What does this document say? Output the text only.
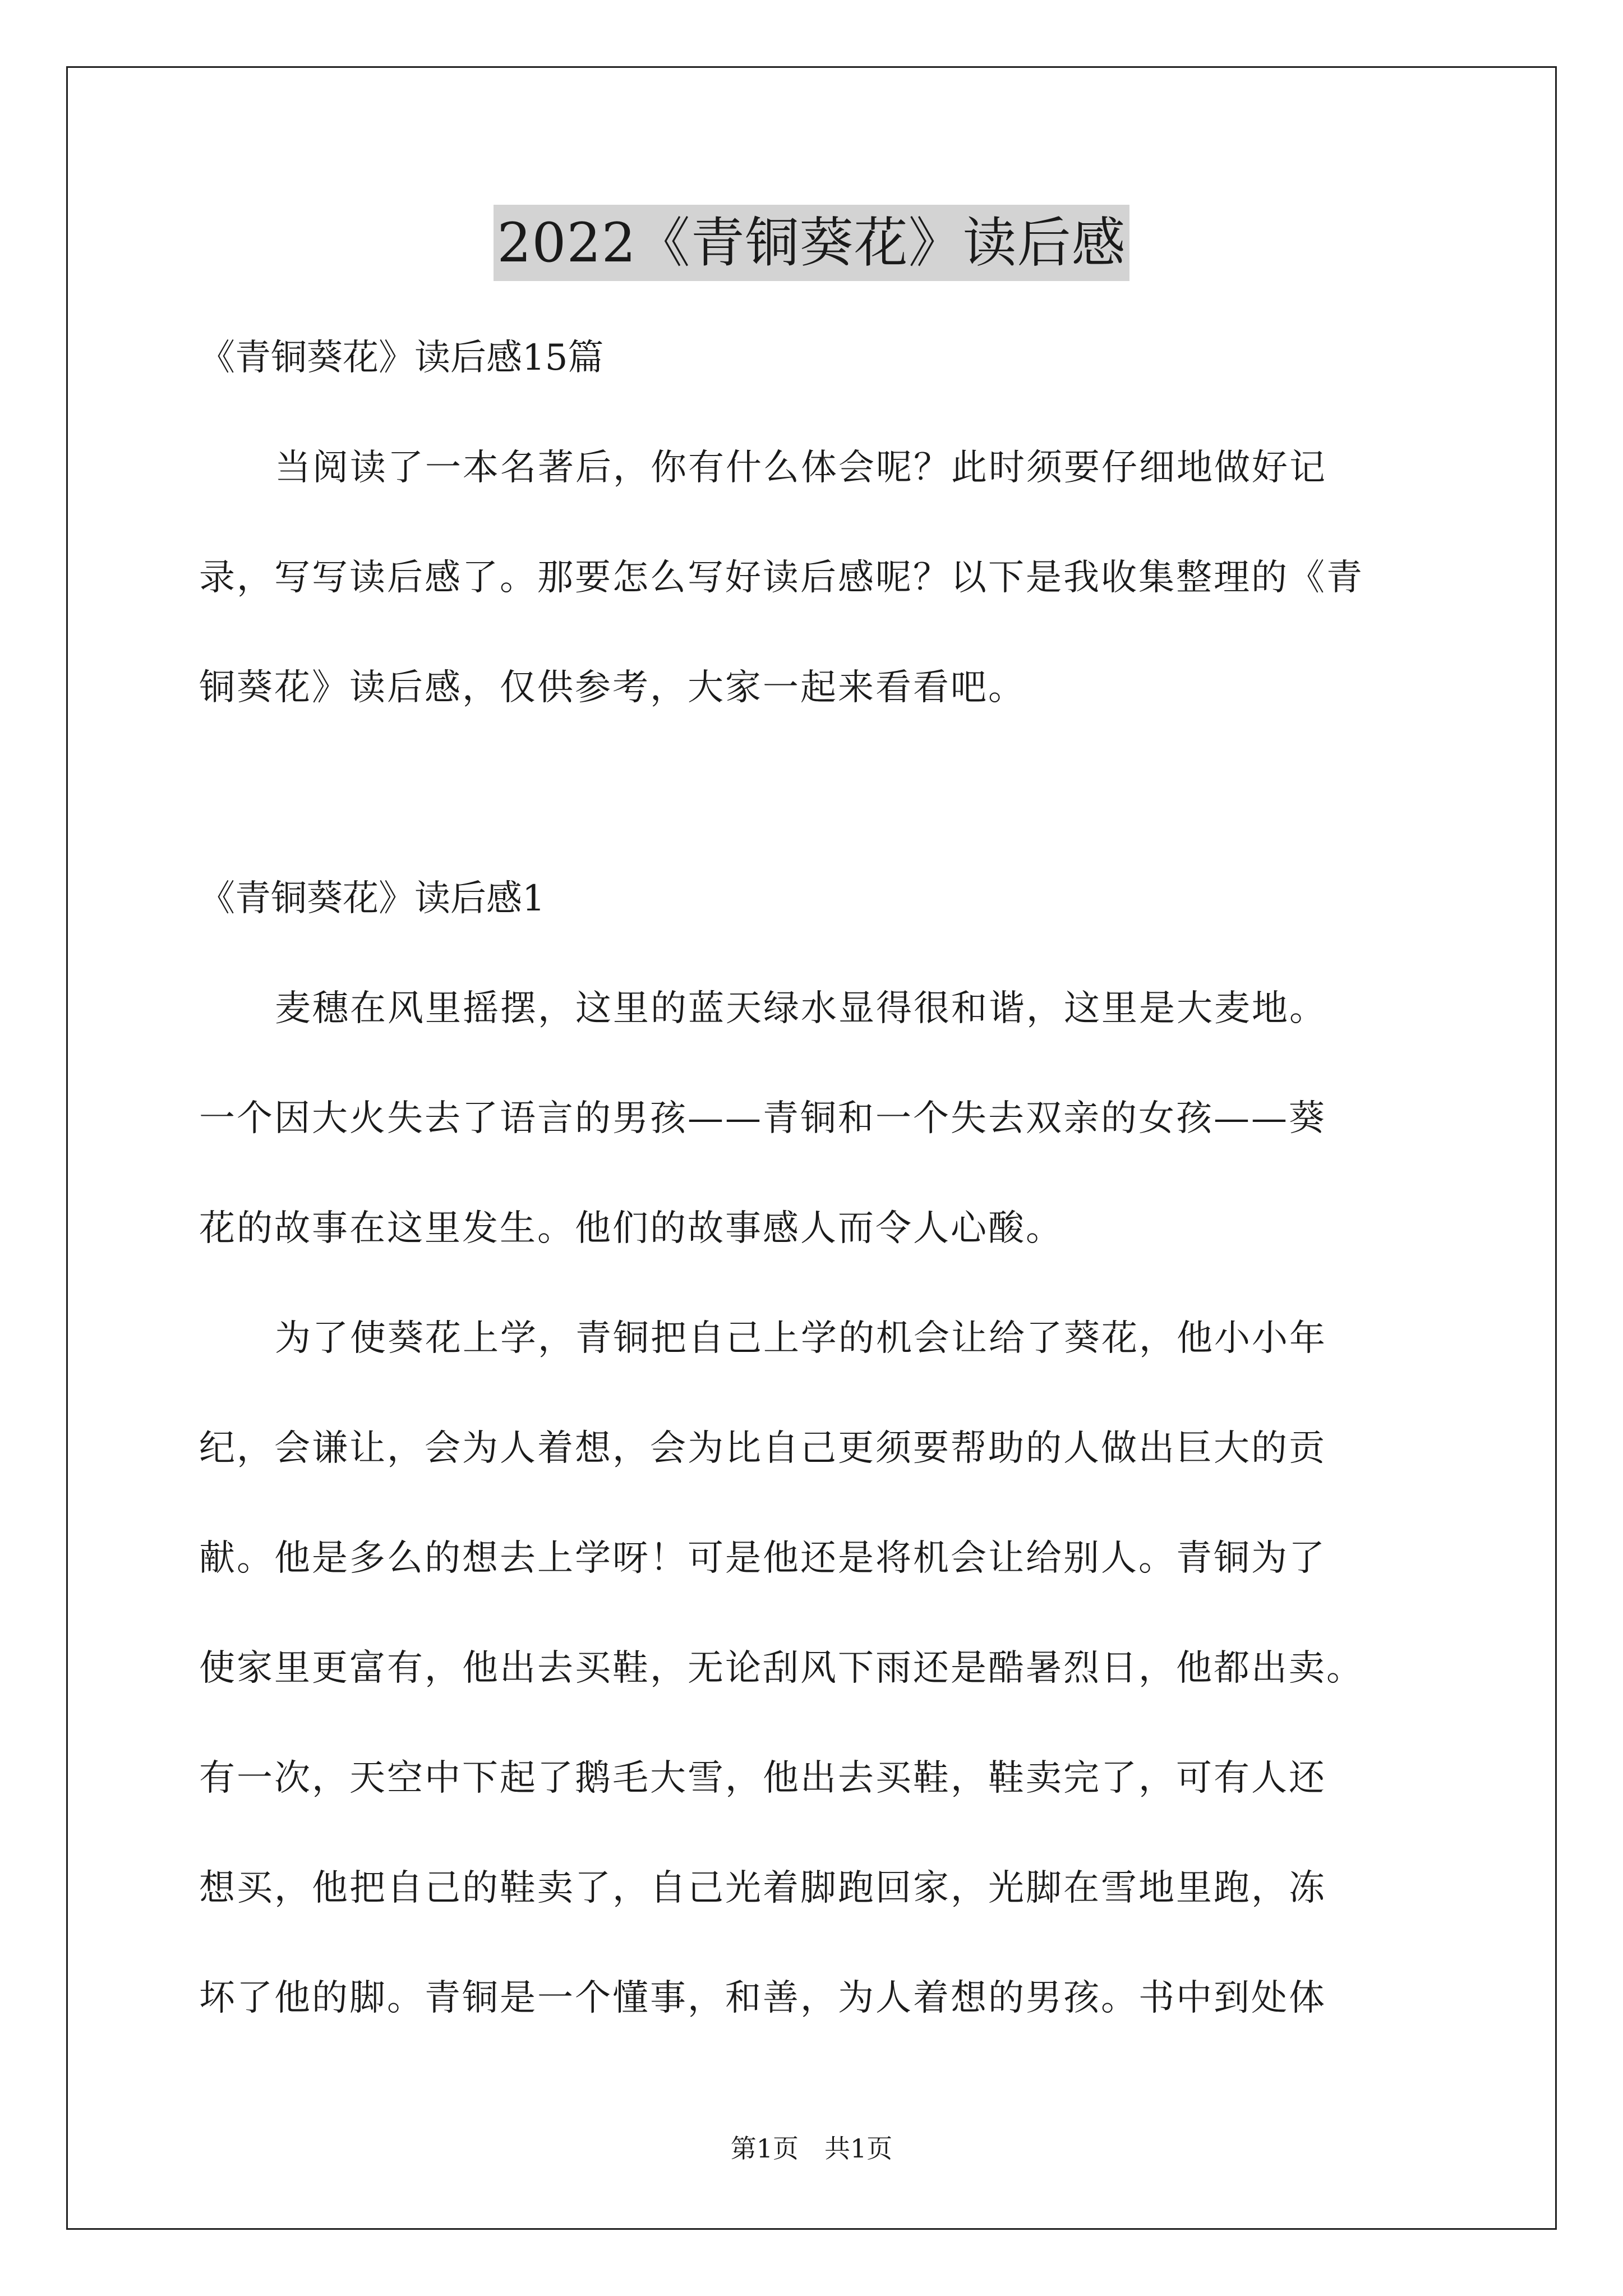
2022《青铜葵花》读后感
《青铜葵花》读后感15篇

当阅读了一本名著后，你有什么体会呢？此时须要仔细地做好记

录，写写读后感了。那要怎么写好读后感呢？以下是我收集整理的《青

铜葵花》读后感，仅供参考，大家一起来看看吧。

《青铜葵花》读后感1

麦穗在风里摇摆，这里的蓝天绿水显得很和谐，这里是大麦地。

一个因大火失去了语言的男孩——青铜和一个失去双亲的女孩——葵

花的故事在这里发生。他们的故事感人而令人心酸。

为了使葵花上学，青铜把自己上学的机会让给了葵花，他小小年

纪，会谦让，会为人着想，会为比自己更须要帮助的人做出巨大的贡

献。他是多么的想去上学呀！可是他还是将机会让给别人。青铜为了

使家里更富有，他出去买鞋，无论刮风下雨还是酷暑烈日，他都出卖。

有一次，天空中下起了鹅毛大雪，他出去买鞋，鞋卖完了，可有人还

想买，他把自己的鞋卖了，自己光着脚跑回家，光脚在雪地里跑，冻

坏了他的脚。青铜是一个懂事，和善，为人着想的男孩。书中到处体

第1页　共1页
